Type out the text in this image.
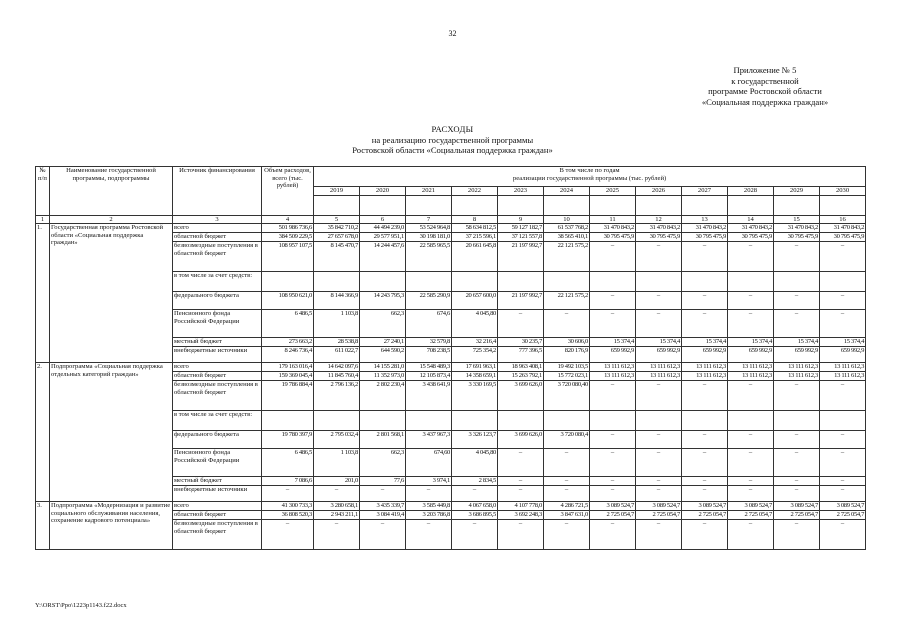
32
Приложение № 5
к государственной
программе Ростовской области
«Социальная поддержка граждан»
РАСХОДЫ
на реализацию государственной программы
Ростовской области «Социальная поддержка граждан»
№ п/п	Наименование государственной программы, подпрограммы	Источник финансирования	Объем расходов, всего (тыс. рублей)	В том числе по годам
реализации государственной программы (тыс. рублей)											

				2019	2020	2021	2022	2023	2024	2025	2026	2027	2028	2029	2030

1	2	3	4	5	6	7	8	9	10	11	12	13	14	15	16
1.	Государственная программа Ростовской области «Социальная поддержка граждан»	всего	501 986 736,6	35 842 710,2	44 494 239,0	53 524 964,8	58 634 812,5	59 127 182,7	61 537 768,2	31 470 843,2	31 470 843,2	31 470 843,2	31 470 843,2	31 470 843,2	31 470 843,2
		областной бюджет	384 509 229,5	27 657 678,0	29 577 951,1	30 198 181,0	37 215 596,1	37 121 557,8	38 565 410,1	30 795 475,9	30 795 475,9	30 795 475,9	30 795 475,9	30 795 475,9	30 795 475,9
		безвозмездные поступления в областной бюджет	108 957 107,5	8 145 470,7	14 244 457,6	22 585 965,5	20 661 645,8	21 197 992,7	22 121 575,2	–	–	–	–	–	–
		в том числе за счет средств:													
		федерального бюджета	108 950 621,0	8 144 366,9	14 243 795,3	22 585 290,9	20 657 600,0	21 197 992,7	22 121 575,2	–	–	–	–	–	–
		Пенсионного фонда Российской Федерации	6 486,5	1 103,8	662,3	674,6	4 045,80	–	–	–	–	–	–	–	–
		местный бюджет	273 663,2	28 538,8	27 240,1	32 579,8	32 216,4	30 235,7	30 606,0	15 374,4	15 374,4	15 374,4	15 374,4	15 374,4	15 374,4
		внебюджетные источники	8 246 736,4	611 022,7	644 590,2	708 238,5	725 354,2	777 396,5	820 176,9	659 992,9	659 992,9	659 992,9	659 992,9	659 992,9	659 992,9
2.	Подпрограмма «Социальная поддержка отдельных категорий граждан»	всего	179 163 016,4	14 642 097,6	14 155 281,0	15 548 489,3	17 691 963,1	18 963 408,1	19 492 103,5	13 111 612,3	13 111 612,3	13 111 612,3	13 111 612,3	13 111 612,3	13 111 612,3
		областной бюджет	159 369 045,4	11 845 760,4	11 352 973,0	12 105 873,4	14 358 659,1	15 263 792,1	15 772 023,1	13 111 612,3	13 111 612,3	13 111 612,3	13 111 612,3	13 111 612,3	13 111 612,3
		безвозмездные поступления в областной бюджет	19 786 884,4	2 796 136,2	2 802 230,4	3 438 641,9	3 330 169,5	3 699 626,0	3 720 080,40	–	–	–	–	–	–
		в том числе за счет средств:													
		федерального бюджета	19 780 397,9	2 795 032,4	2 801 568,1	3 437 967,3	3 326 123,7	3 699 626,0	3 720 080,4	–	–	–	–	–	–
		Пенсионного фонда Российской Федерации	6 486,5	1 103,8	662,3	674,60	4 045,80	–	–	–	–	–	–	–	–
		местный бюджет	7 086,6	201,0	77,6	3 974,1	2 834,5	–	–	–	–	–	–	–	–
		внебюджетные источники	–	–	–	–	–	–	–	–	–	–	–	–	–
3.	Подпрограмма «Модернизация и развитие социального обслуживания населения, сохранение кадрового потенциала»	всего	41 300 733,3	3 280 658,1	3 435 339,7	3 585 449,8	4 067 658,0	4 107 778,0	4 286 721,5	3 089 524,7	3 089 524,7	3 089 524,7	3 089 524,7	3 089 524,7	3 089 524,7
		областной бюджет	36 808 520,3	2 943 211,1	3 084 419,4	3 203 786,8	3 686 895,5	3 692 248,3	3 847 631,0	2 725 054,7	2 725 054,7	2 725 054,7	2 725 054,7	2 725 054,7	2 725 054,7
		безвозмездные поступления в областной бюджет	–	–	–	–	–	–	–	–	–	–	–	–	–
Y:\ORST\Ppo\1223p1143.f22.docx
